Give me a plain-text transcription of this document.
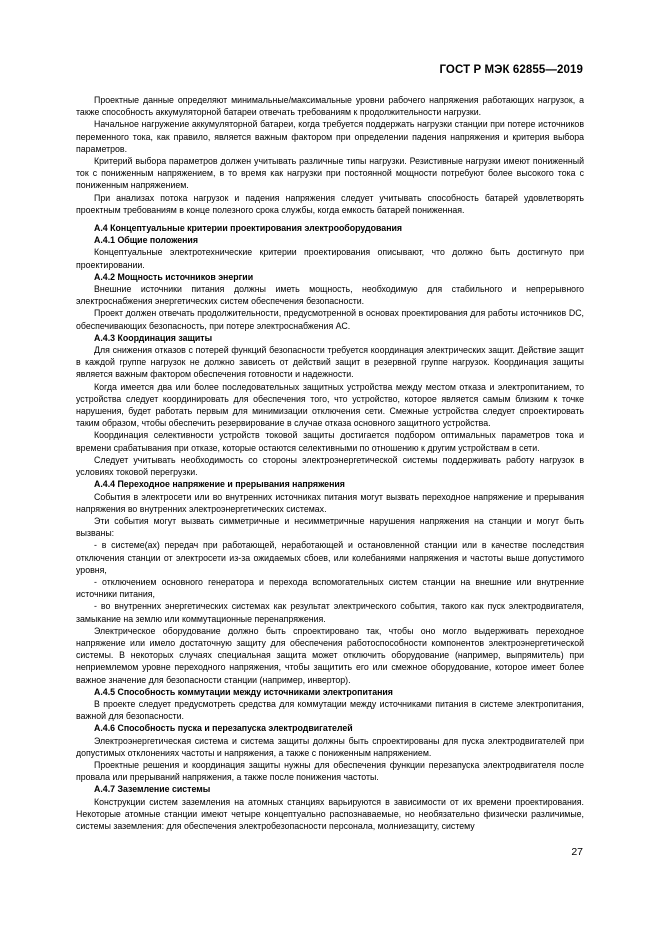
ГОСТ Р МЭК 62855—2019

Проектные данные определяют минимальные/максимальные уровни рабочего напряжения работающих нагрузок, а также способность аккумуляторной батареи отвечать требованиям к продолжительности нагрузки.

Начальное нагружение аккумуляторной батареи, когда требуется поддержать нагрузки станции при потере источников переменного тока, как правило, является важным фактором при определении падения напряжения и критерия выбора параметров.

Критерий выбора параметров должен учитывать различные типы нагрузки. Резистивные нагрузки имеют пониженный ток с пониженным напряжением, в то время как нагрузки при постоянной мощности потребуют более высокого тока с пониженным напряжением.

При анализах потока нагрузок и падения напряжения следует учитывать способность батарей удовлетворять проектным требованиям в конце полезного срока службы, когда емкость батарей пониженная.

А.4 Концептуальные критерии проектирования электрооборудования

А.4.1 Общие положения

Концептуальные электротехнические критерии проектирования описывают, что должно быть достигнуто при проектировании.

А.4.2 Мощность источников энергии

Внешние источники питания должны иметь мощность, необходимую для стабильного и непрерывного электроснабжения энергетических систем обеспечения безопасности.

Проект должен отвечать продолжительности, предусмотренной в основах проектирования для работы источников DC, обеспечивающих безопасность, при потере электроснабжения АС.

А.4.3 Координация защиты

Для снижения отказов с потерей функций безопасности требуется координация электрических защит. Действие защит в каждой группе нагрузок не должно зависеть от действий защит в резервной группе нагрузок. Координация защиты является важным фактором обеспечения готовности и надежности.

Когда имеется два или более последовательных защитных устройства между местом отказа и электропитанием, то устройства следует координировать для обеспечения того, что устройство, которое является самым близким к точке нарушения, будет работать первым для минимизации отключения сети. Смежные устройства следует спроектировать таким образом, чтобы обеспечить резервирование в случае отказа основного защитного устройства.

Координация селективности устройств токовой защиты достигается подбором оптимальных параметров тока и времени срабатывания при отказе, которые остаются селективными по отношению к другим устройствам в сети.

Следует учитывать необходимость со стороны электроэнергетической системы поддерживать работу нагрузок в условиях токовой перегрузки.

А.4.4 Переходное напряжение и прерывания напряжения

События в электросети или во внутренних источниках питания могут вызвать переходное напряжение и прерывания напряжения во внутренних электроэнергетических системах.

Эти события могут вызвать симметричные и несимметричные нарушения напряжения на станции и могут быть вызваны:

- в системе(ах) передач при работающей, неработающей и остановленной станции или в качестве последствия отключения станции от электросети из-за ожидаемых сбоев, или колебаниями напряжения и частоты выше допустимого уровня,

- отключением основного генератора и перехода вспомогательных систем станции на внешние или внутренние источники питания,

- во внутренних энергетических системах как результат электрического события, такого как пуск электродвигателя, замыкание на землю или коммутационные перенапряжения.

Электрическое оборудование должно быть спроектировано так, чтобы оно могло выдерживать переходное напряжение или имело достаточную защиту для обеспечения работоспособности компонентов электроэнергетической системы. В некоторых случаях специальная защита может отключить оборудование (например, выпрямитель) при неприемлемом уровне переходного напряжения, чтобы защитить его или смежное оборудование, которое имеет более важное значение для безопасности станции (например, инвертор).

А.4.5 Способность коммутации между источниками электропитания

В проекте следует предусмотреть средства для коммутации между источниками питания в системе электропитания, важной для безопасности.

А.4.6 Способность пуска и перезапуска электродвигателей

Электроэнергетическая система и система защиты должны быть спроектированы для пуска электродвигателей при допустимых отклонениях частоты и напряжения, а также с пониженным напряжением.

Проектные решения и координация защиты нужны для обеспечения функции перезапуска электродвигателя после провала или прерываний напряжения, а также после понижения частоты.

А.4.7 Заземление системы

Конструкции систем заземления на атомных станциях варьируются в зависимости от их времени проектирования. Некоторые атомные станции имеют четыре концептуально распознаваемые, но необязательно физически различимые, системы заземления: для обеспечения электробезопасности персонала, молниезащиту, систему

27
